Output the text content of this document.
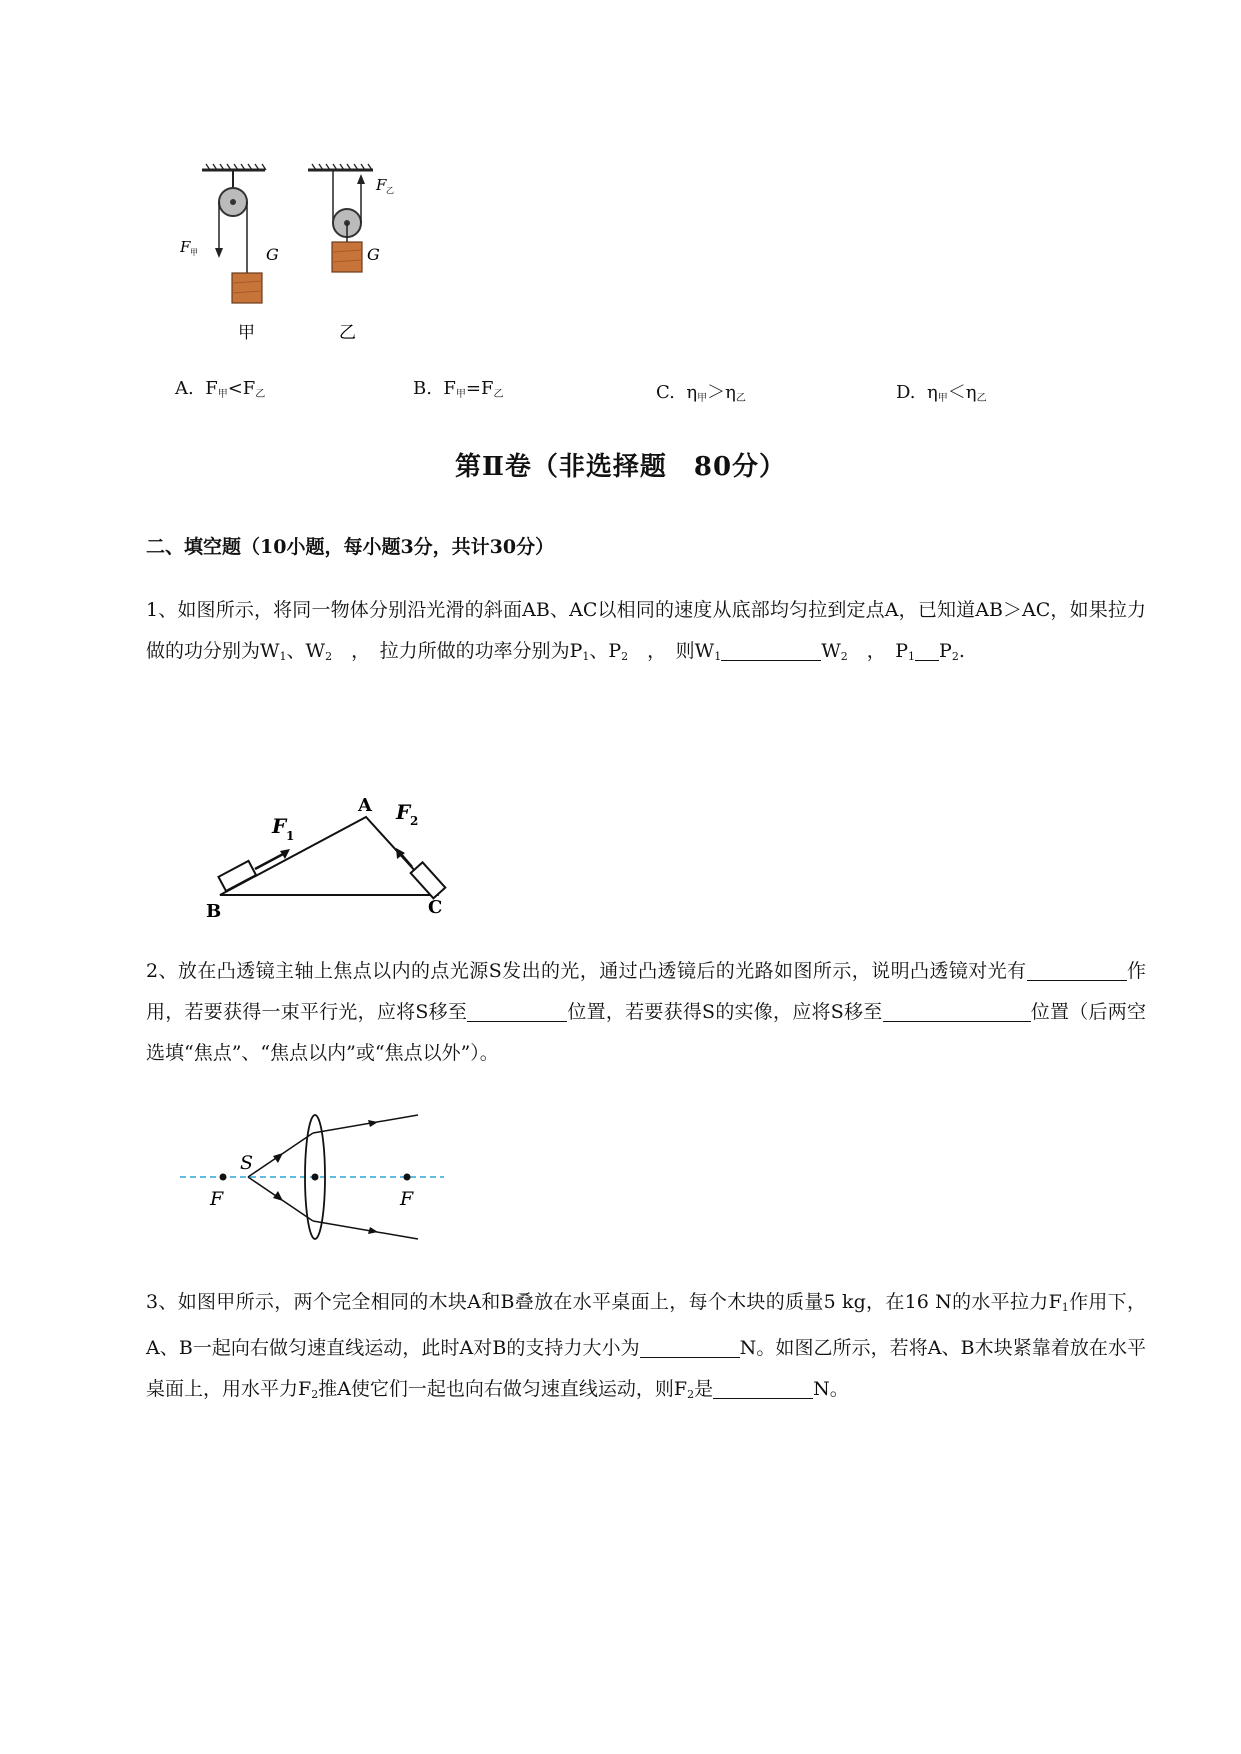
F 甲	G
甲
F 乙
G
乙
A. $F_甲<F_乙$	B. $F_甲=F_乙$	C. $\eta_甲>\eta_乙$	D. $\eta_甲<\eta_乙$
第Ⅱ卷（非选择题　80分）
二、填空题（10小题，每小题3分，共计30分）
1、如图所示，将同一物体分别沿光滑的斜面AB、AC以相同的速度从底部均匀拉到定点A，已知道AB＞AC，如果拉力做的功分别为$W_1$、$W_2$　，　拉力所做的功率分别为$P_1$、$P_2$　，　则$W_1$	$W_2$　，　$P_1$ $P_2$.
F 1
F 2
A
B	C
2、放在凸透镜主轴上焦点以内的点光源S发出的光，通过凸透镜后的光路如图所示，说明凸透镜对光有	作用，若要获得一束平行光，应将S移至	位置，若要获得S的实像，应将S移至	位置（后两空选填“焦点”、“焦点以内”或“焦点以外”）。
S
F	F
3、如图甲所示，两个完全相同的木块A和B叠放在水平桌面上，每个木块的质量5 kg，在16 N的水平拉力$F_1$作用下，A、B一起向右做匀速直线运动，此时A对B的支持力大小为	N。如图乙所示，若将A、B木块紧靠着放在水平桌面上，用水平力$F_2$推A使它们一起也向右做匀速直线运动，则$F_2$是	N。
